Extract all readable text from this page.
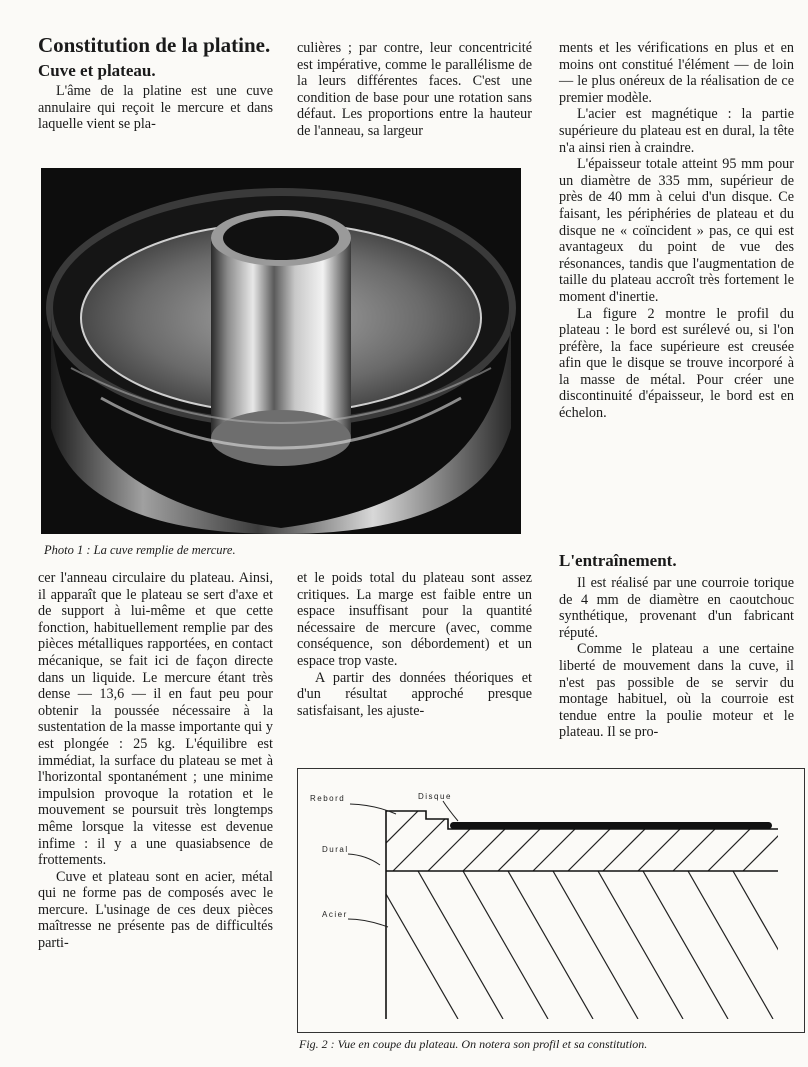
Constitution de la platine.
Cuve et plateau.

L'âme de la platine est une cuve annulaire qui reçoit le mercure et dans laquelle vient se pla-

culières ; par contre, leur concentricité est impérative, comme le parallélisme de la leurs différentes faces. C'est une condition de base pour une rotation sans défaut. Les proportions entre la hauteur de l'anneau, sa largeur

ments et les vérifications en plus et en moins ont constitué l'élément — de loin — le plus onéreux de la réalisation de ce premier modèle.

L'acier est magnétique : la partie supérieure du plateau est en dural, la tête n'a ainsi rien à craindre.

L'épaisseur totale atteint 95 mm pour un diamètre de 335 mm, supérieur de près de 40 mm à celui d'un disque. Ce faisant, les périphéries de plateau et du disque ne « coïncident » pas, ce qui est avantageux du point de vue des résonances, tandis que l'augmentation de taille du plateau accroît très fortement le moment d'inertie.

La figure 2 montre le profil du plateau : le bord est surélevé ou, si l'on préfère, la face supérieure est creusée afin que le disque se trouve incorporé à la masse de métal. Pour créer une discontinuité d'épaisseur, le bord est en échelon.

Photo 1 : La cuve remplie de mercure.
L'entraînement.

cer l'anneau circulaire du plateau. Ainsi, il apparaît que le plateau se sert d'axe et de support à lui-même et que cette fonction, habituellement remplie par des pièces métalliques rapportées, en contact mécanique, se fait ici de façon directe dans un liquide. Le mercure étant très dense — 13,6 — il en faut peu pour obtenir la poussée nécessaire à la sustentation de la masse importante qui y est plongée : 25 kg. L'équilibre est immédiat, la surface du plateau se met à l'horizontal spontanément ; une minime impulsion provoque la rotation et le mouvement se poursuit très longtemps même lorsque la vitesse est devenue infime : il y a une quasiabsence de frottements.

Cuve et plateau sont en acier, métal qui ne forme pas de composés avec le mercure. L'usinage de ces deux pièces maîtresse ne présente pas de difficultés parti-

et le poids total du plateau sont assez critiques. La marge est faible entre un espace insuffisant pour la quantité nécessaire de mercure (avec, comme conséquence, son débordement) et un espace trop vaste.

A partir des données théoriques et d'un résultat approché presque satisfaisant, les ajuste-

Il est réalisé par une courroie torique de 4 mm de diamètre en caoutchouc synthétique, provenant d'un fabricant réputé.

Comme le plateau a une certaine liberté de mouvement dans la cuve, il n'est pas possible de se servir du montage habituel, où la courroie est tendue entre la poulie moteur et le plateau. Il se pro-

Rebord	Disque
Dural
Acier
Fig. 2 : Vue en coupe du plateau. On notera son profil et sa constitution.
